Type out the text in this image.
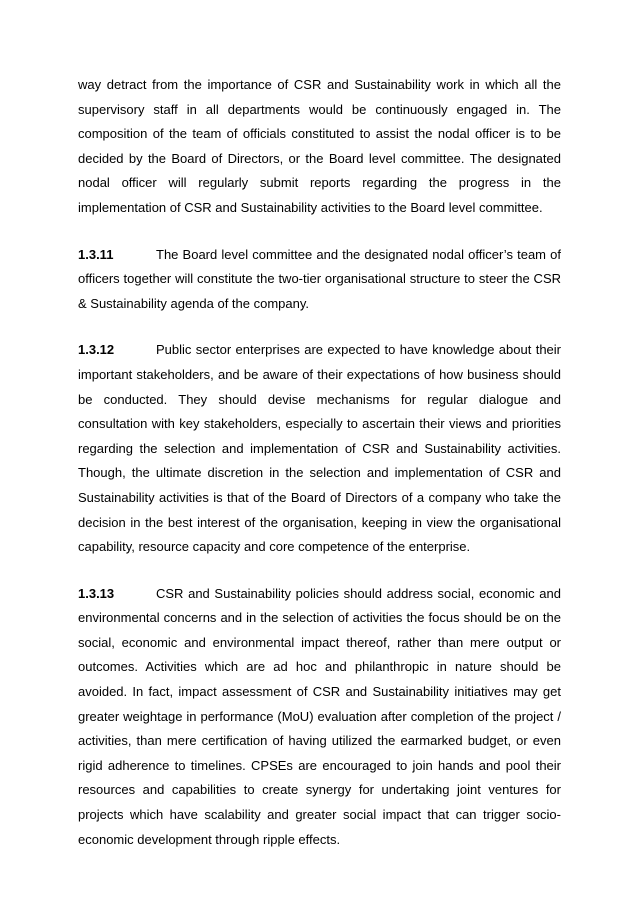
way detract from the importance of CSR and Sustainability work in which all the supervisory staff in all departments would be continuously engaged in. The composition of the team of officials constituted to assist the nodal officer is to be decided by the Board of Directors, or the Board level committee. The designated nodal officer will regularly submit reports regarding the progress in the implementation of CSR and Sustainability activities to the Board level committee.

1.3.11	The Board level committee and the designated nodal officer’s team of officers together will constitute the two-tier organisational structure to steer the CSR & Sustainability agenda of the company.

1.3.12	Public sector enterprises are expected to have knowledge about their important stakeholders, and be aware of their expectations of how business should be conducted. They should devise mechanisms for regular dialogue and consultation with key stakeholders, especially to ascertain their views and priorities regarding the selection and implementation of CSR and Sustainability activities. Though, the ultimate discretion in the selection and implementation of CSR and Sustainability activities is that of the Board of Directors of a company who take the decision in the best interest of the organisation, keeping in view the organisational capability, resource capacity and core competence of the enterprise.

1.3.13	CSR and Sustainability policies should address social, economic and environmental concerns and in the selection of activities the focus should be on the social, economic and environmental impact thereof, rather than mere output or outcomes. Activities which are ad hoc and philanthropic in nature should be avoided. In fact, impact assessment of CSR and Sustainability initiatives may get greater weightage in performance (MoU) evaluation after completion of the project / activities, than mere certification of having utilized the earmarked budget, or even rigid adherence to timelines. CPSEs are encouraged to join hands and pool their resources and capabilities to create synergy for undertaking joint ventures for projects which have scalability and greater social impact that can trigger socio-economic development through ripple effects.
